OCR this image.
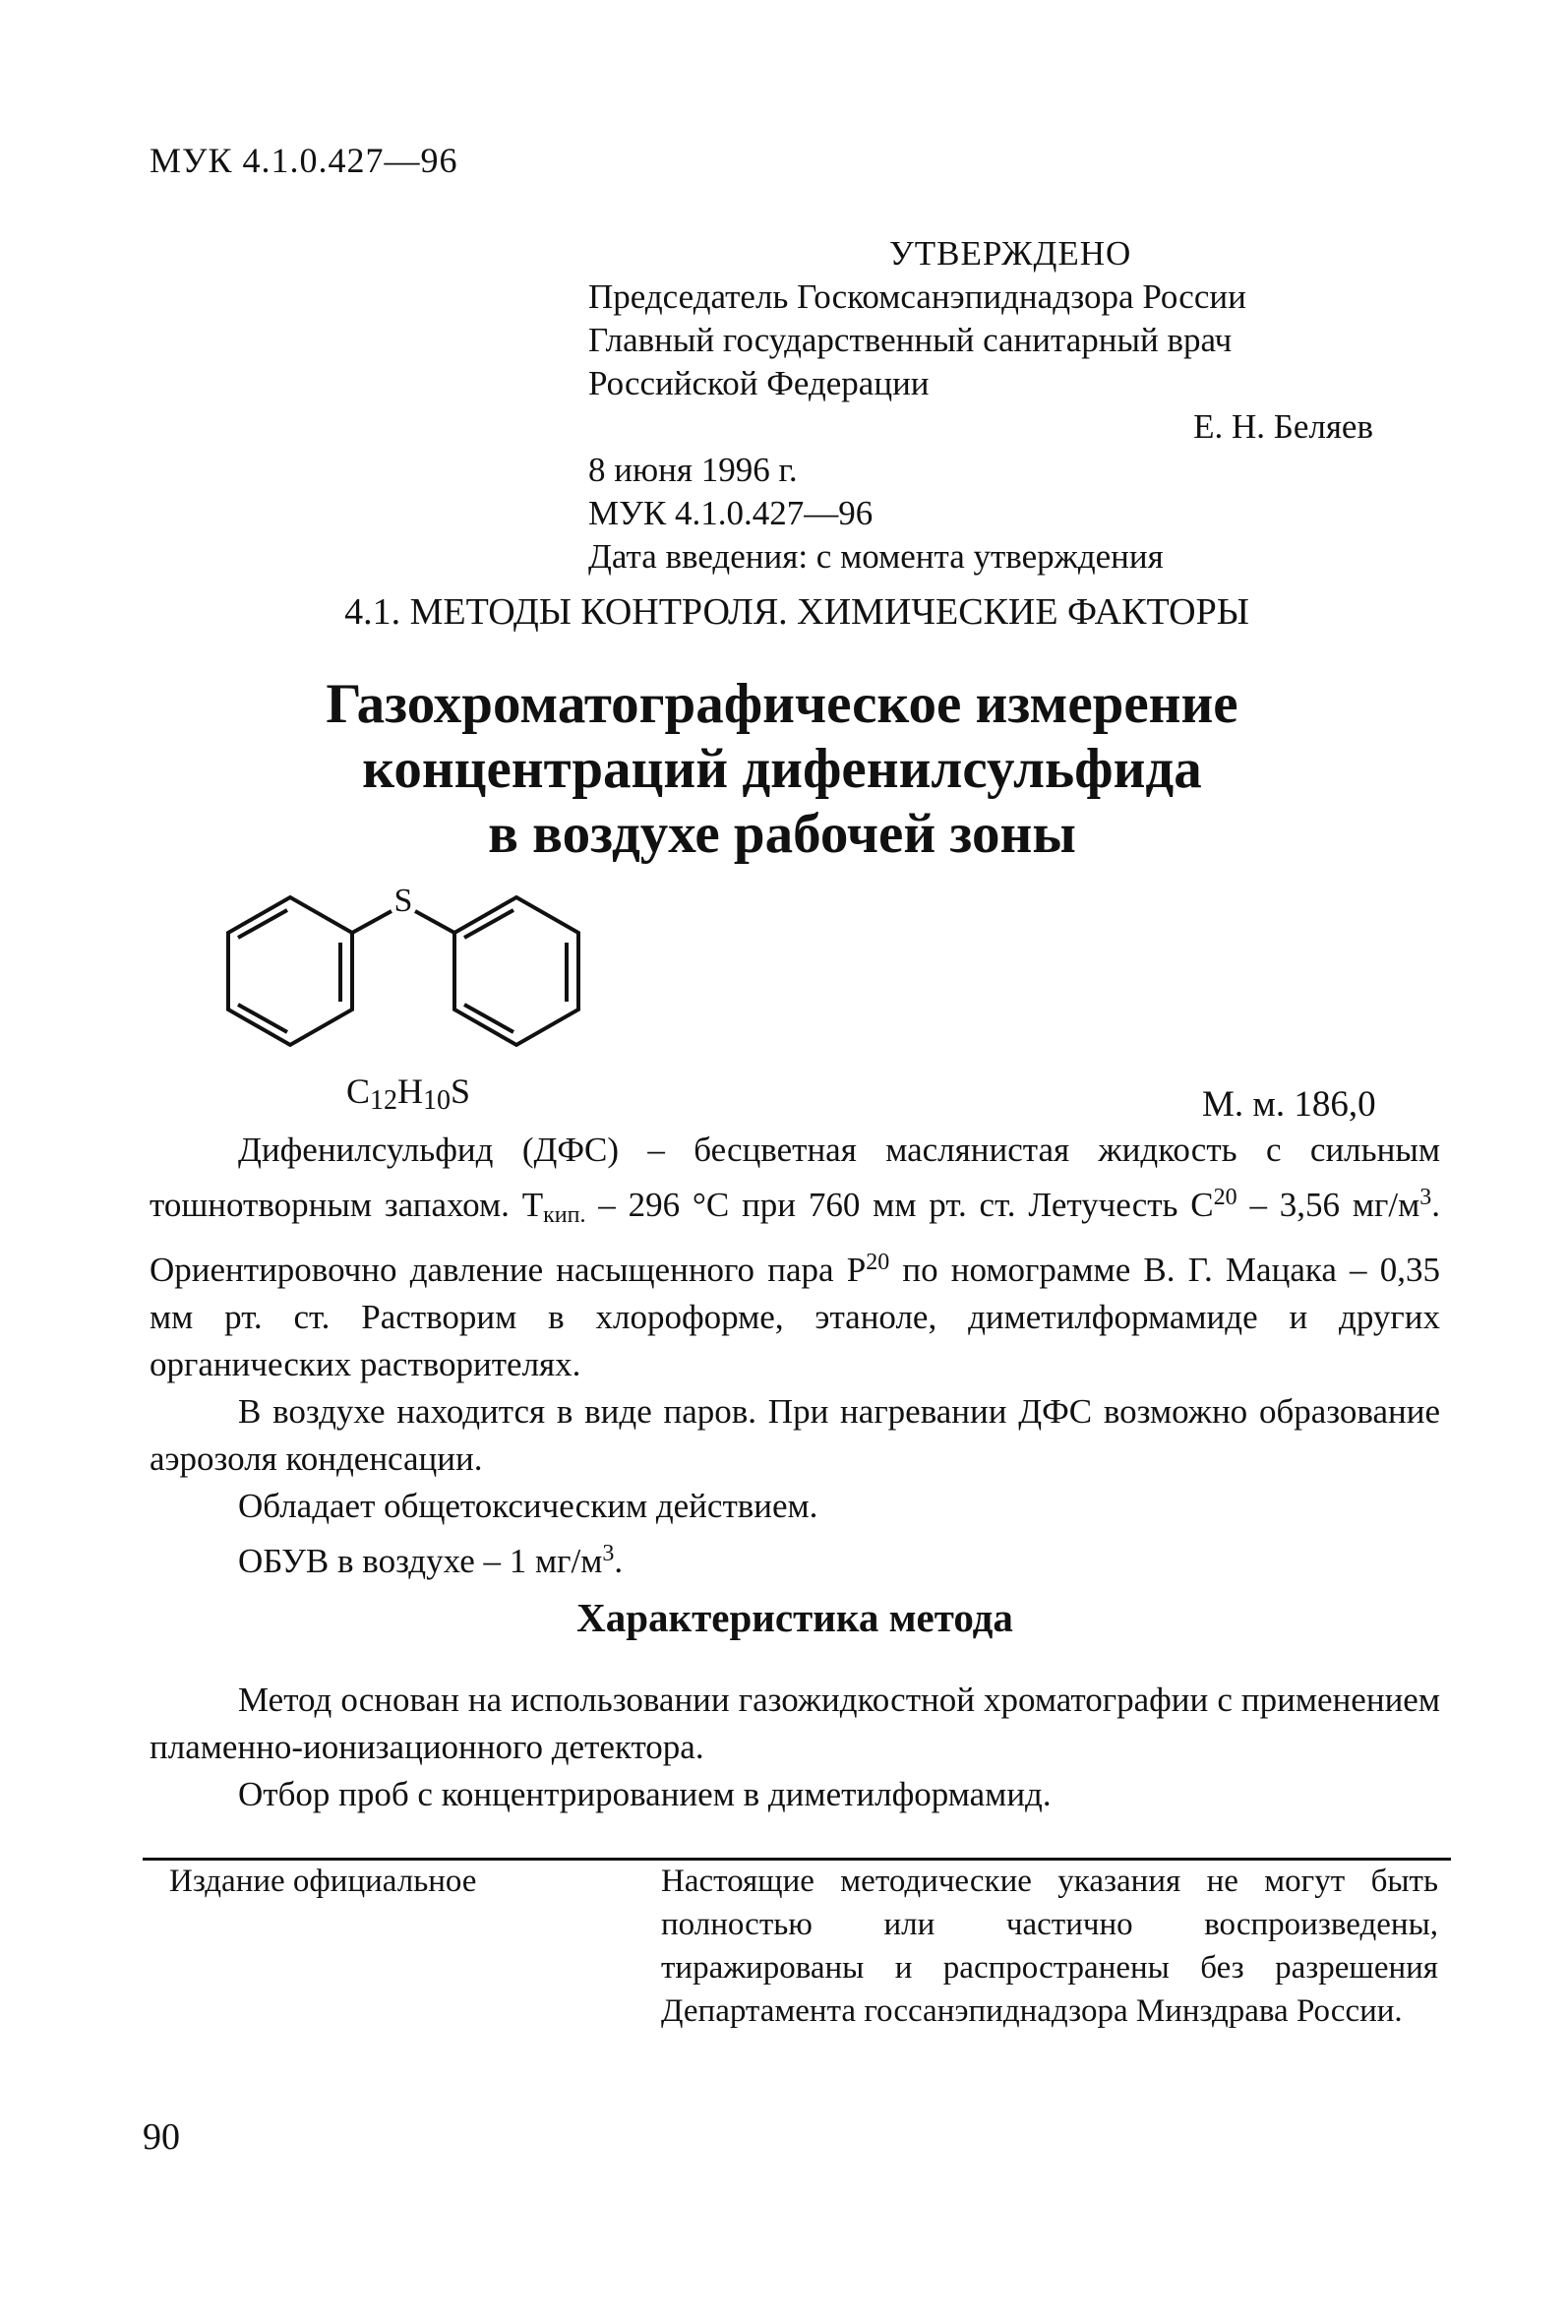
МУК 4.1.0.427—96
УТВЕРЖДЕНО
Председатель Госкомсанэпиднадзора России
Главный государственный санитарный врач
Российской Федерации
Е. Н. Беляев
8 июня 1996 г.
МУК 4.1.0.427—96
Дата введения: с момента утверждения
4.1. МЕТОДЫ КОНТРОЛЯ. ХИМИЧЕСКИЕ ФАКТОРЫ
Газохроматографическое измерение
концентраций дифенилсульфида
в воздухе рабочей зоны
S
$C_{12}H_{10}S$	М. м. 186,0
Дифенилсульфид (ДФС) – бесцветная маслянистая жидкость с сильным тошнотворным запахом. $Т_{кип.} - 296$ °С при 760 мм рт. ст. Летучесть $С^{20} - 3,56$ $мг/м^3$. Ориентировочно давление насыщенного пара $Р^{20}$ по номограмме В. Г. Мацака – 0,35 мм рт. ст. Растворим в хлороформе, этаноле, диметилформамиде и других органических растворителях.
В воздухе находится в виде паров. При нагревании ДФС возможно образование аэрозоля конденсации.
Обладает общетоксическим действием.
ОБУВ в воздухе – 1 $мг/м^3$.
Характеристика метода
Метод основан на использовании газожидкостной хроматографии с применением пламенно-ионизационного детектора.
Отбор проб с концентрированием в диметилформамид.
Издание официальное	Настоящие методические указания не могут быть полностью или частично воспроизведены, тиражированы и распространены без разрешения Департамента госсанэпиднадзора Минздрава России.
90
